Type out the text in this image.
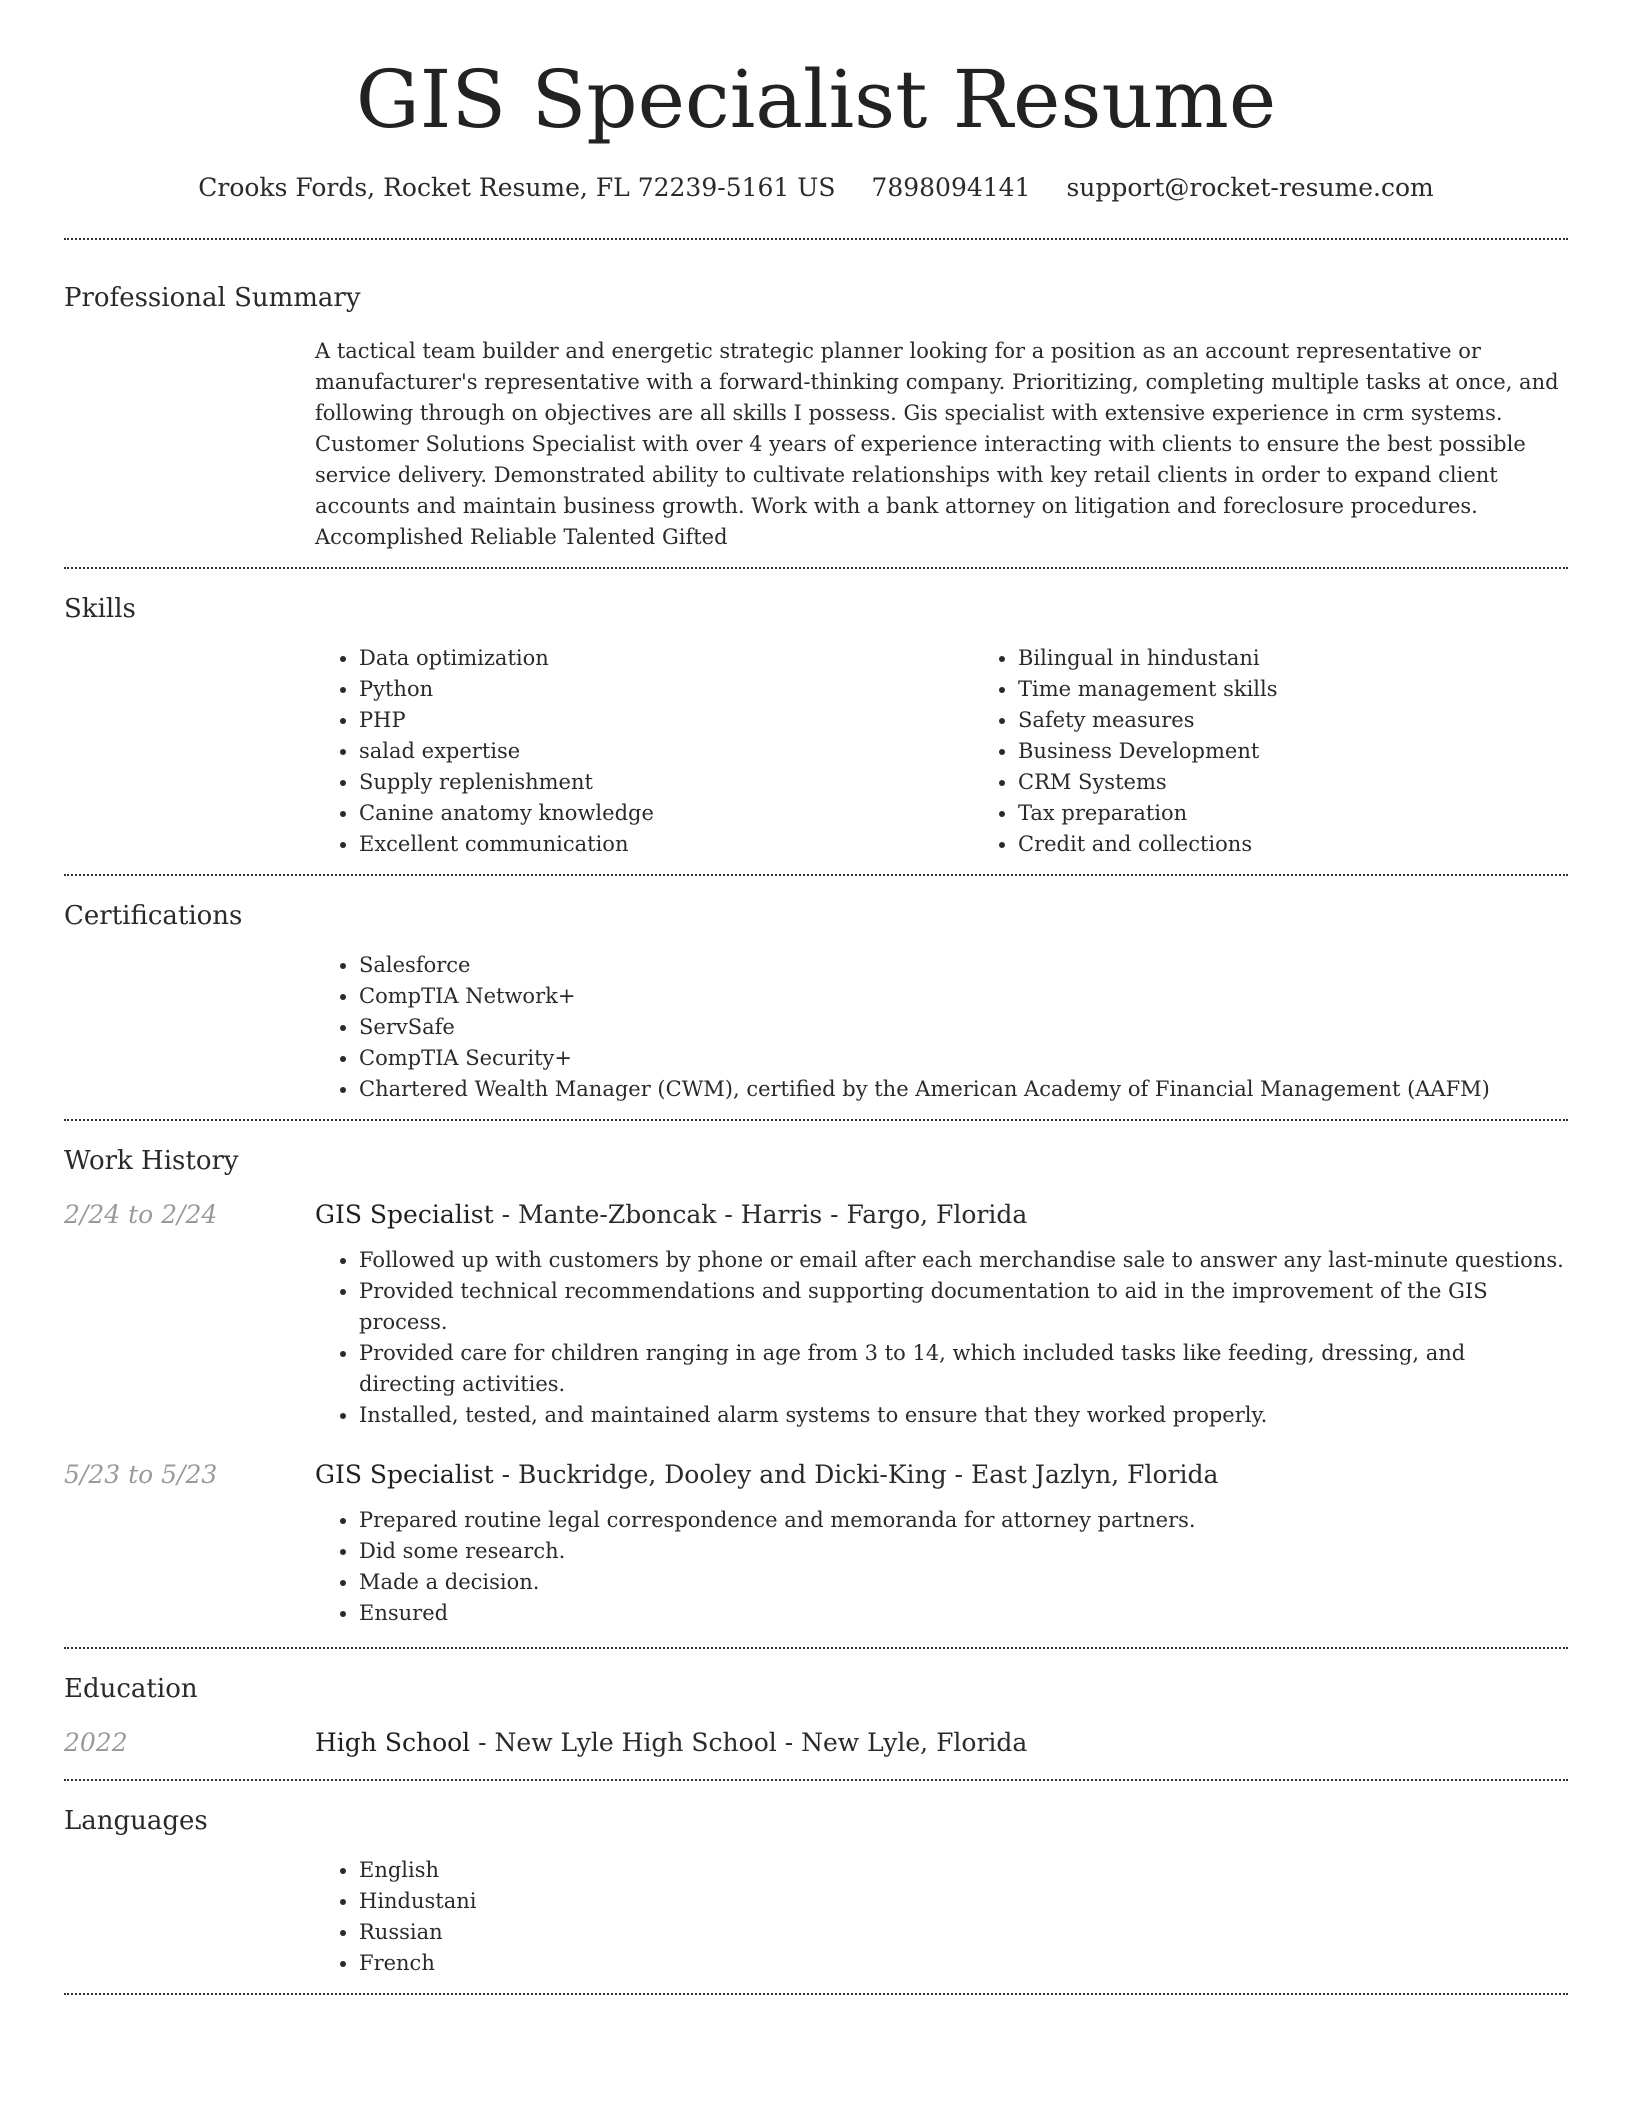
GIS Specialist Resume
Crooks Fords, Rocket Resume, FL 72239-5161 US 7898094141 support@rocket-resume.com
Professional Summary

A tactical team builder and energetic strategic planner looking for a position as an account representative or manufacturer's representative with a forward-thinking company. Prioritizing, completing multiple tasks at once, and following through on objectives are all skills I possess. Gis specialist with extensive experience in crm systems. Customer Solutions Specialist with over 4 years of experience interacting with clients to ensure the best possible service delivery. Demonstrated ability to cultivate relationships with key retail clients in order to expand client accounts and maintain business growth. Work with a bank attorney on litigation and foreclosure procedures. Accomplished Reliable Talented Gifted

Skills
• Data optimization
• Python
• PHP
• salad expertise
• Supply replenishment
• Canine anatomy knowledge
• Excellent communication
• Bilingual in hindustani
• Time management skills
• Safety measures
• Business Development
• CRM Systems
• Tax preparation
• Credit and collections
Certifications
• Salesforce
• CompTIA Network+
• ServSafe
• CompTIA Security+
• Chartered Wealth Manager (CWM), certified by the American Academy of Financial Management (AAFM)
Work History
2/24 to 2/24	GIS Specialist - Mante-Zboncak - Harris - Fargo, Florida
• Followed up with customers by phone or email after each merchandise sale to answer any last-minute questions.
• Provided technical recommendations and supporting documentation to aid in the improvement of the GIS process.
• Provided care for children ranging in age from 3 to 14, which included tasks like feeding, dressing, and directing activities.
• Installed, tested, and maintained alarm systems to ensure that they worked properly.
5/23 to 5/23	GIS Specialist - Buckridge, Dooley and Dicki-King - East Jazlyn, Florida
• Prepared routine legal correspondence and memoranda for attorney partners.
• Did some research.
• Made a decision.
• Ensured
Education
2022	High School - New Lyle High School - New Lyle, Florida
Languages
• English
• Hindustani
• Russian
• French
